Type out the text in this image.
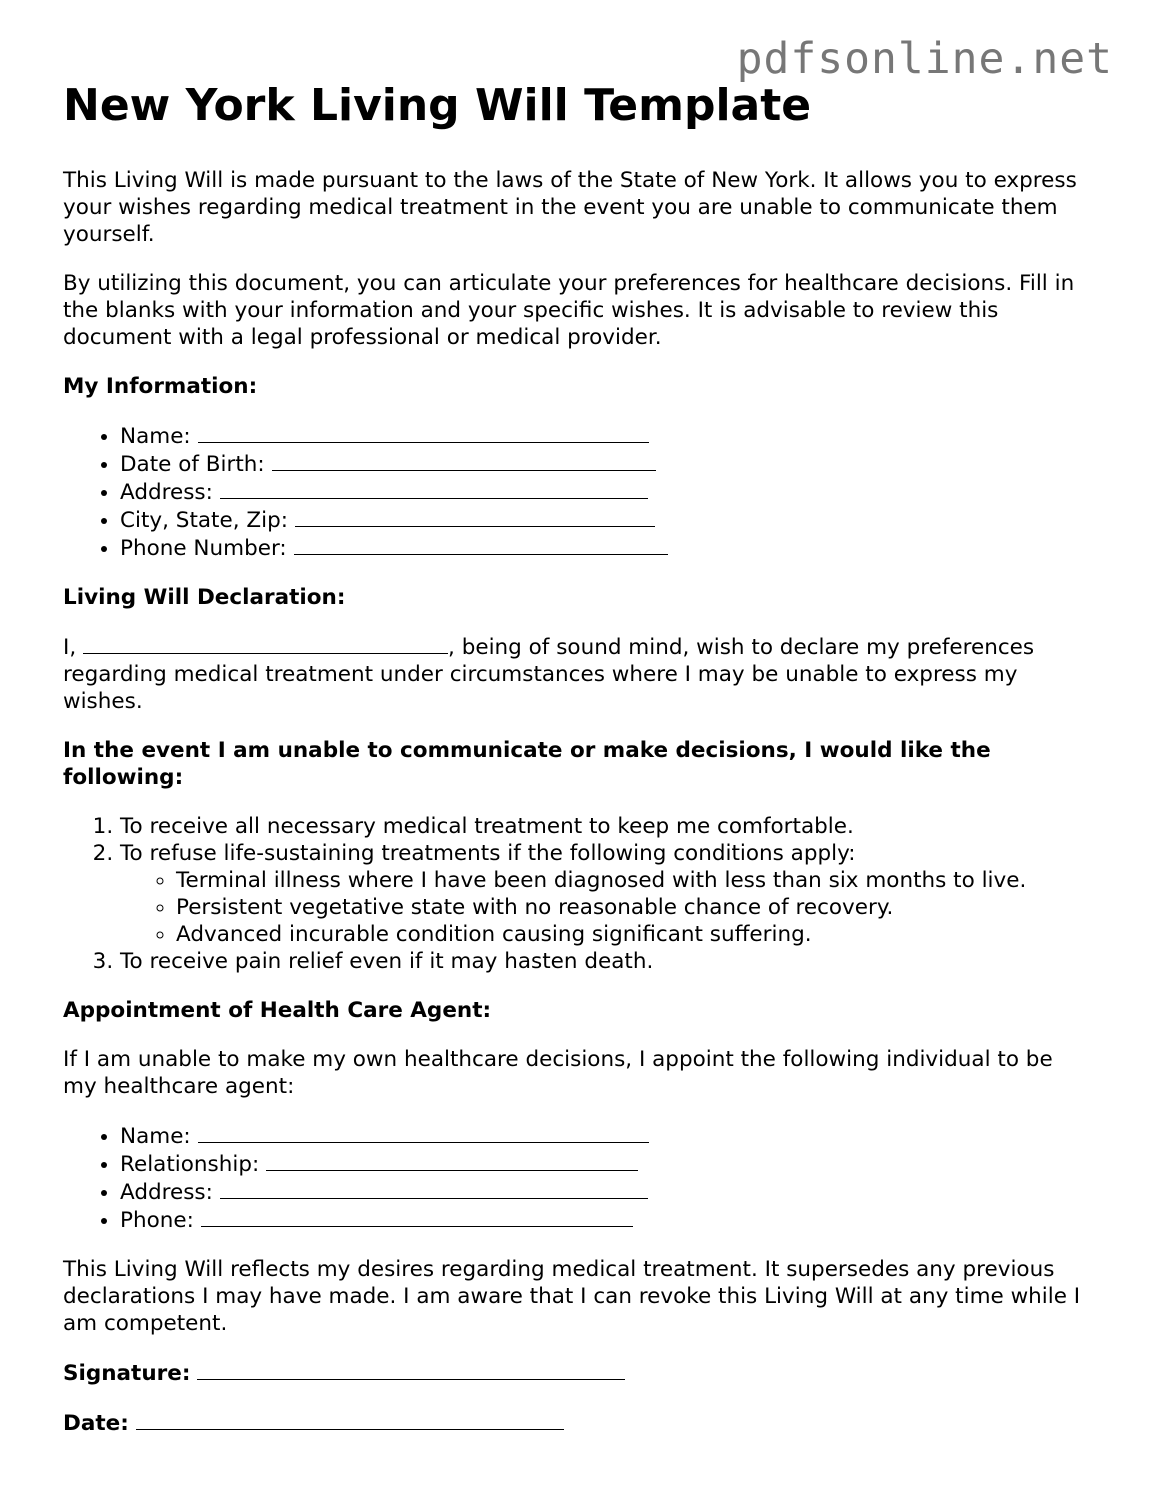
pdfsonline.net
New York Living Will Template

This Living Will is made pursuant to the laws of the State of New York. It allows you to express your wishes regarding medical treatment in the event you are unable to communicate them yourself.

By utilizing this document, you can articulate your preferences for healthcare decisions. Fill in the blanks with your information and your specific wishes. It is advisable to review this document with a legal professional or medical provider.

My Information:
• Name:
• Date of Birth:
• Address:
• City, State, Zip:
• Phone Number:
Living Will Declaration:

I,	, being of sound mind, wish to declare my preferences regarding medical treatment under circumstances where I may be unable to express my wishes.

In the event I am unable to communicate or make decisions, I would like the following:
1. To receive all necessary medical treatment to keep me comfortable.
2. To refuse life-sustaining treatments if the following conditions apply:
◦ Terminal illness where I have been diagnosed with less than six months to live.
◦ Persistent vegetative state with no reasonable chance of recovery.
◦ Advanced incurable condition causing significant suffering.
3. To receive pain relief even if it may hasten death.
Appointment of Health Care Agent:

If I am unable to make my own healthcare decisions, I appoint the following individual to be my healthcare agent:

• Name:
• Relationship:
• Address:
• Phone:

This Living Will reflects my desires regarding medical treatment. It supersedes any previous declarations I may have made. I am aware that I can revoke this Living Will at any time while I am competent.

Signature:
Date:
